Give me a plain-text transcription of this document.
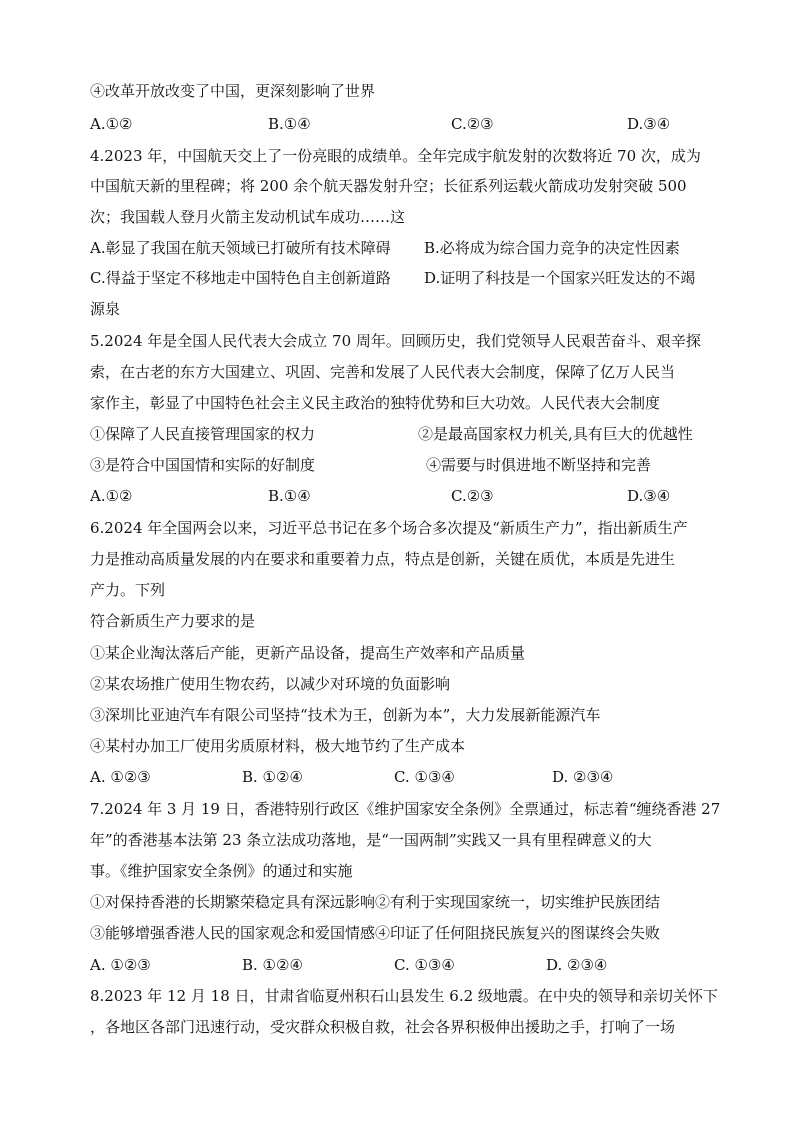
④改革开放改变了中国，更深刻影响了世界
A.①②	B.①④	C.②③	D.③④
4.2023 年，中国航天交上了一份亮眼的成绩单。全年完成宇航发射的次数将近 70 次，成为
中国航天新的里程碑；将 200 余个航天器发射升空；长征系列运载火箭成功发射突破 500
次；我国载人登月火箭主发动机试车成功……这
A.彰显了我国在航天领域已打破所有技术障碍 B.必将成为综合国力竞争的决定性因素
C.得益于坚定不移地走中国特色自主创新道路 D.证明了科技是一个国家兴旺发达的不竭
源泉
5.2024 年是全国人民代表大会成立 70 周年。回顾历史，我们党领导人民艰苦奋斗、艰辛探
索，在古老的东方大国建立、巩固、完善和发展了人民代表大会制度，保障了亿万人民当
家作主，彰显了中国特色社会主义民主政治的独特优势和巨大功效。人民代表大会制度
①保障了人民直接管理国家的权力	②是最高国家权力机关,具有巨大的优越性
③是符合中国国情和实际的好制度	④需要与时俱进地不断坚持和完善
A.①②	B.①④	C.②③	D.③④
6.2024 年全国两会以来，习近平总书记在多个场合多次提及“新质生产力”，指出新质生产
力是推动高质量发展的内在要求和重要着力点，特点是创新，关键在质优，本质是先进生
产力。下列
符合新质生产力要求的是
①某企业淘汰落后产能，更新产品设备，提高生产效率和产品质量
②某农场推广使用生物农药，以减少对环境的负面影响
③深圳比亚迪汽车有限公司坚持“技术为王，创新为本”，大力发展新能源汽车
④某村办加工厂使用劣质原材料，极大地节约了生产成本
A. ①②③	B. ①②④	C. ①③④	D. ②③④
7.2024 年 3 月 19 日，香港特别行政区《维护国家安全条例》全票通过，标志着“缠绕香港 27
年”的香港基本法第 23 条立法成功落地，是“一国两制”实践又一具有里程碑意义的大
事。《维护国家安全条例》的通过和实施
①对保持香港的长期繁荣稳定具有深远影响②有利于实现国家统一，切实维护民族团结
③能够增强香港人民的国家观念和爱国情感④印证了任何阻挠民族复兴的图谋终会失败
A. ①②③	B. ①②④	C. ①③④	D. ②③④
8.2023 年 12 月 18 日，甘肃省临夏州积石山县发生 6.2 级地震。在中央的领导和亲切关怀下
，各地区各部门迅速行动，受灾群众积极自救，社会各界积极伸出援助之手，打响了一场
